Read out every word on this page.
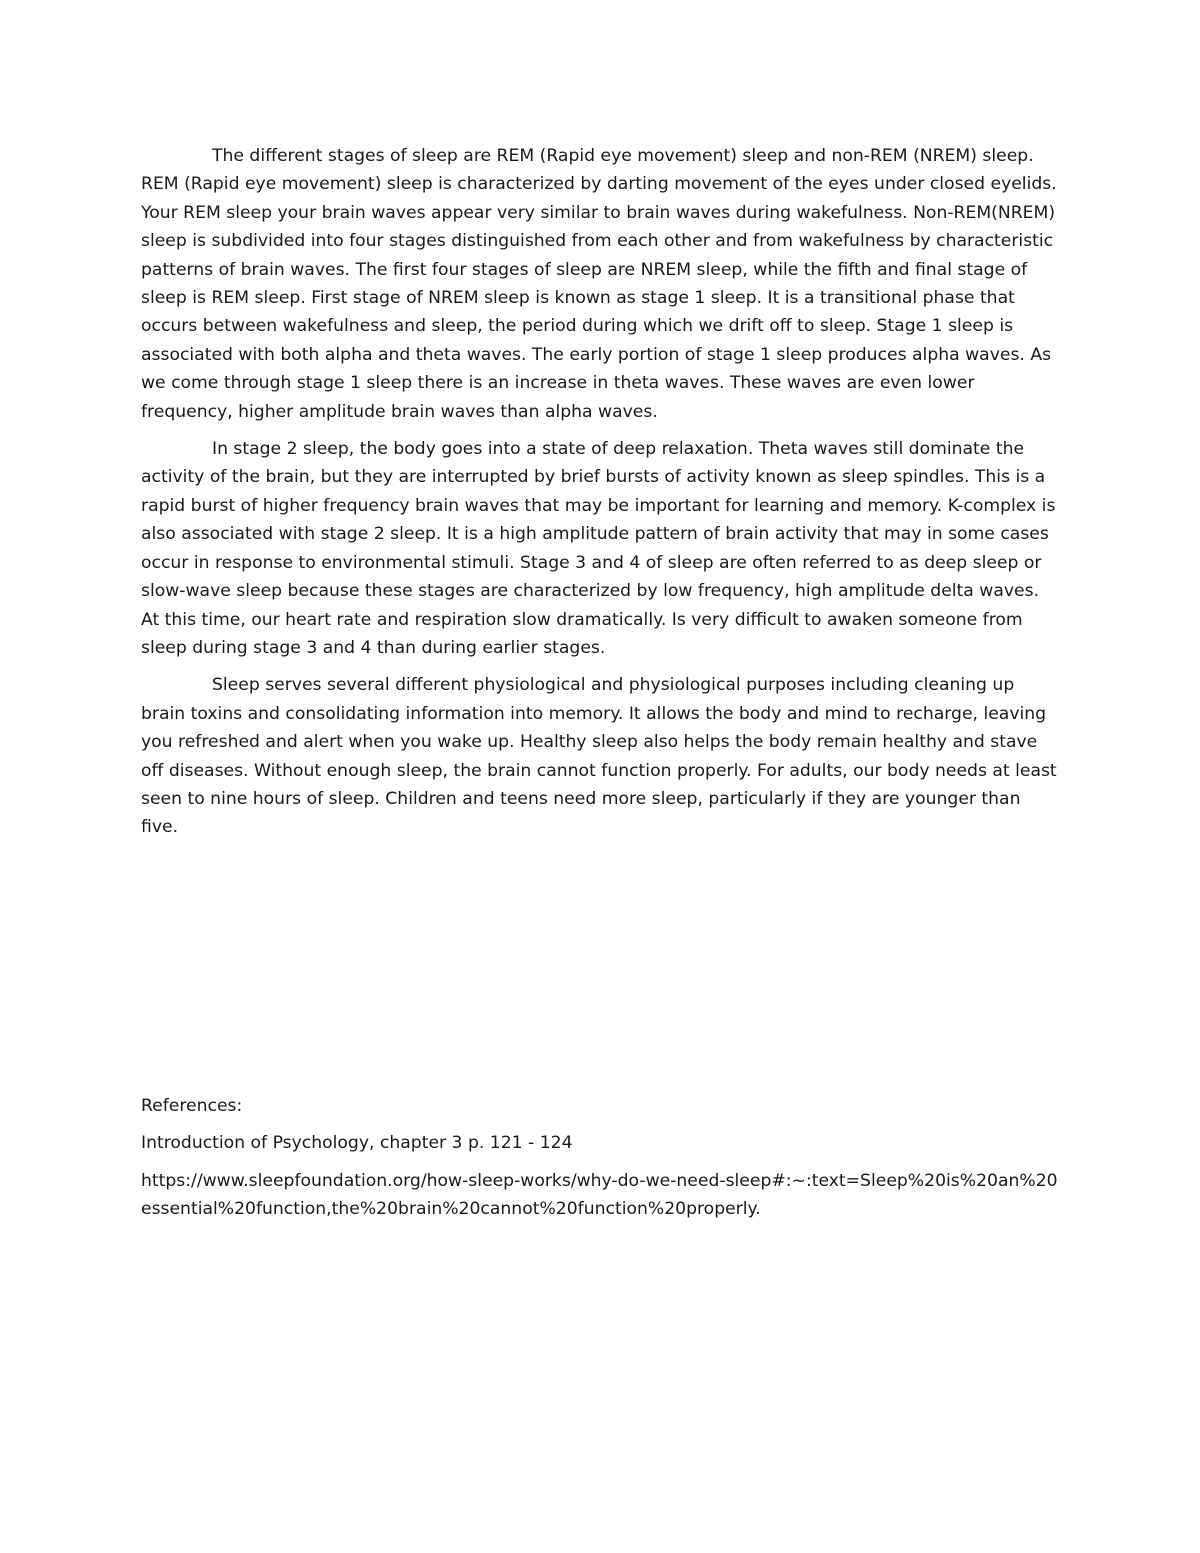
The different stages of sleep are REM (Rapid eye movement) sleep and non-REM (NREM) sleep. REM (Rapid eye movement) sleep is characterized by darting movement of the eyes under closed eyelids. Your REM sleep your brain waves appear very similar to brain waves during wakefulness. Non-REM(NREM) sleep is subdivided into four stages distinguished from each other and from wakefulness by characteristic patterns of brain waves. The first four stages of sleep are NREM sleep, while the fifth and final stage of sleep is REM sleep. First stage of NREM sleep is known as stage 1 sleep. It is a transitional phase that occurs between wakefulness and sleep, the period during which we drift off to sleep. Stage 1 sleep is associated with both alpha and theta waves. The early portion of stage 1 sleep produces alpha waves. As we come through stage 1 sleep there is an increase in theta waves. These waves are even lower frequency, higher amplitude brain waves than alpha waves.

In stage 2 sleep, the body goes into a state of deep relaxation. Theta waves still dominate the activity of the brain, but they are interrupted by brief bursts of activity known as sleep spindles. This is a rapid burst of higher frequency brain waves that may be important for learning and memory. K-complex is also associated with stage 2 sleep. It is a high amplitude pattern of brain activity that may in some cases occur in response to environmental stimuli. Stage 3 and 4 of sleep are often referred to as deep sleep or slow-wave sleep because these stages are characterized by low frequency, high amplitude delta waves. At this time, our heart rate and respiration slow dramatically. Is very difficult to awaken someone from sleep during stage 3 and 4 than during earlier stages.

Sleep serves several different physiological and physiological purposes including cleaning up brain toxins and consolidating information into memory. It allows the body and mind to recharge, leaving you refreshed and alert when you wake up. Healthy sleep also helps the body remain healthy and stave off diseases. Without enough sleep, the brain cannot function properly. For adults, our body needs at least seen to nine hours of sleep. Children and teens need more sleep, particularly if they are younger than five.

References:

Introduction of Psychology, chapter 3 p. 121 - 124

https://www.sleepfoundation.org/how-sleep-works/why-do-we-need-sleep#:~:text=Sleep%20is%20an%20essential%20function,the%20brain%20cannot%20function%20properly.
